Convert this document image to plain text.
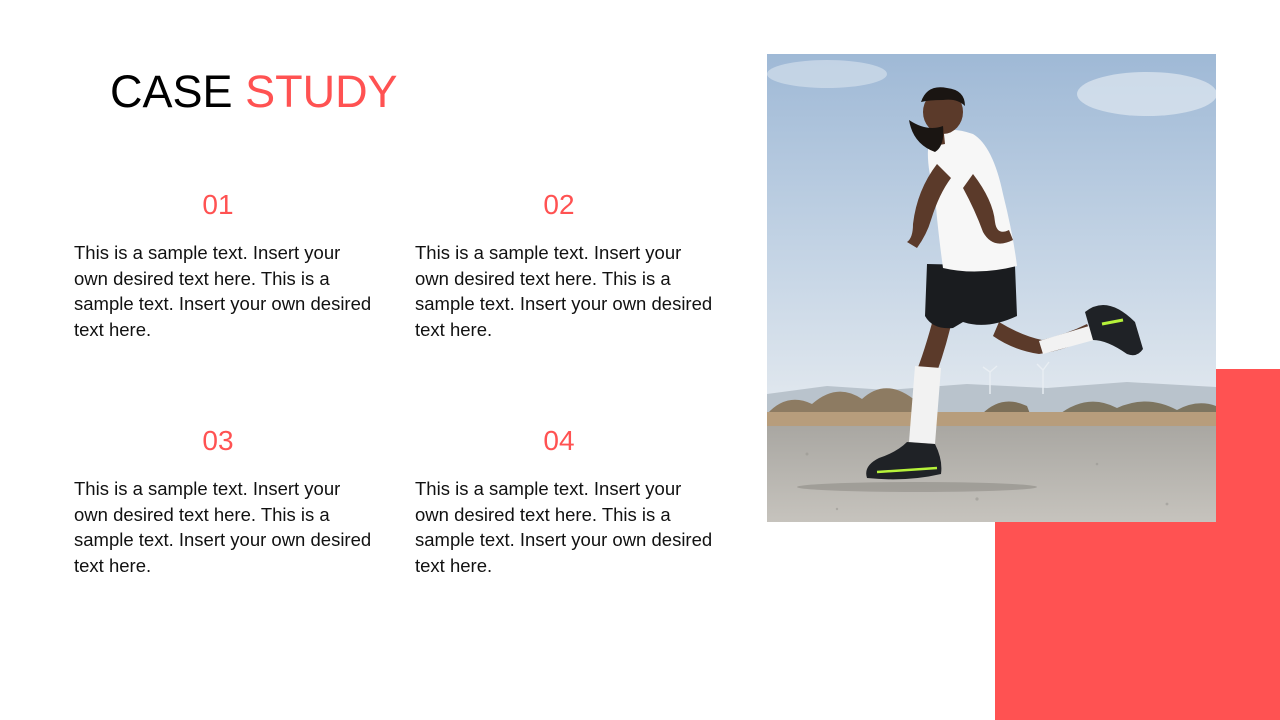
CASE STUDY
01
This is a sample text. Insert your own desired text here. This is a sample text. Insert your own desired text here.
02
This is a sample text. Insert your own desired text here. This is a sample text. Insert your own desired text here.
03
This is a sample text. Insert your own desired text here. This is a sample text. Insert your own desired text here.
04
This is a sample text. Insert your own desired text here. This is a sample text. Insert your own desired text here.
